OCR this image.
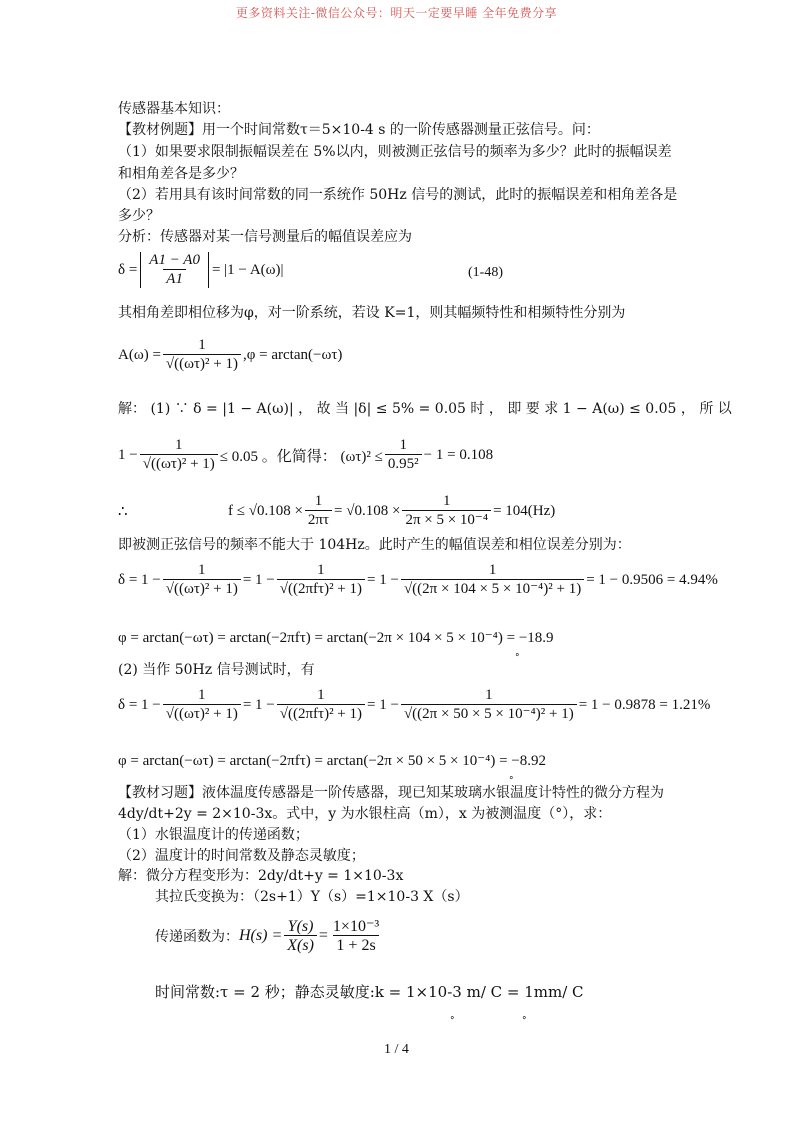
更多资料关注-微信公众号：明天一定要早睡 全年免费分享
传感器基本知识：
【教材例题】用一个时间常数τ＝5×10-4 s 的一阶传感器测量正弦信号。问：
（1）如果要求限制振幅误差在 5%以内，则被测正弦信号的频率为多少？此时的振幅误差
和相角差各是多少？
（2）若用具有该时间常数的同一系统作 50Hz 信号的测试，此时的振幅误差和相角差各是
多少？
分析：传感器对某一信号测量后的幅值误差应为
$\delta = \frac{A1 - A0}{A1} = |1 - A(\omega)|$	(1-48)
其相角差即相位移为φ，对一阶系统，若设 K=1，则其幅频特性和相频特性分别为
$A(\omega) = \frac{1}{\text{√((ωτ)² + 1)}} ,\varphi = \arctan(-\omega\tau)$
解： (1) ∵ δ = |1 − A(ω)| ， 故 当 |δ| ≤ 5% = 0.05 时 ， 即 要 求 1 − A(ω) ≤ 0.05 ， 所 以
$1 - \frac{1}{\text{√((ωτ)² + 1)}} \le 0.05$ 。化简得： $(\omega\tau)^2 \le \frac{1}{\text{0.95²}} - 1 = 0.108$
∴	$f \le √0.108 \times \frac{1}{2\pi\tau} = √0.108 \times \frac{1}{\text{2π × 5 × 10⁻⁴}} = 104(Hz)$
即被测正弦信号的频率不能大于 104Hz。此时产生的幅值误差和相位误差分别为：
$\delta = 1 - \frac{1}{\text{√((ωτ)² + 1)}} = 1$ −
1
√((2πfτ)² + 1)
= $1 - \frac{1}{\text{√((2π × 104 × 5 × 10⁻⁴)² + 1)}} = 1 - 0.9506 = 4.94\%$
φ = arctan(−ωτ) = arctan(−2πfτ) = arctan(−2π × 104 × 5 × 10⁻⁴) = −18.9
°
(2) 当作 50Hz 信号测试时，有
$\delta = 1 - \frac{1}{\text{√((ωτ)² + 1)}} = 1$ −
1
√((2πfτ)² + 1)
= $1 - \frac{1}{\text{√((2π × 50 × 5 × 10⁻⁴)² + 1)}} = 1 - 0.9878 = 1.21\%$
φ = arctan(−ωτ) = arctan(−2πfτ) = arctan(−2π × 50 × 5 × 10⁻⁴) = −8.92
°
【教材习题】液体温度传感器是一阶传感器，现已知某玻璃水银温度计特性的微分方程为
4dy/dt+2y = 2×10-3x。式中，y 为水银柱高（m），x 为被测温度（°），求：
（1）水银温度计的传递函数；
（2）温度计的时间常数及静态灵敏度；
解：微分方程变形为：2dy/dt+y = 1×10-3x
其拉氏变换为：（2s+1）Y（s）=1×10-3 X（s）
传递函数为： $H(s) = \frac{Y(s)}{X(s)} = \frac{\text{1×10⁻³}}{1 + 2s}$
时间常数:τ = 2 秒；静态灵敏度:k = 1×10-3 m/ C = 1mm/ C
°	°
1 / 4
